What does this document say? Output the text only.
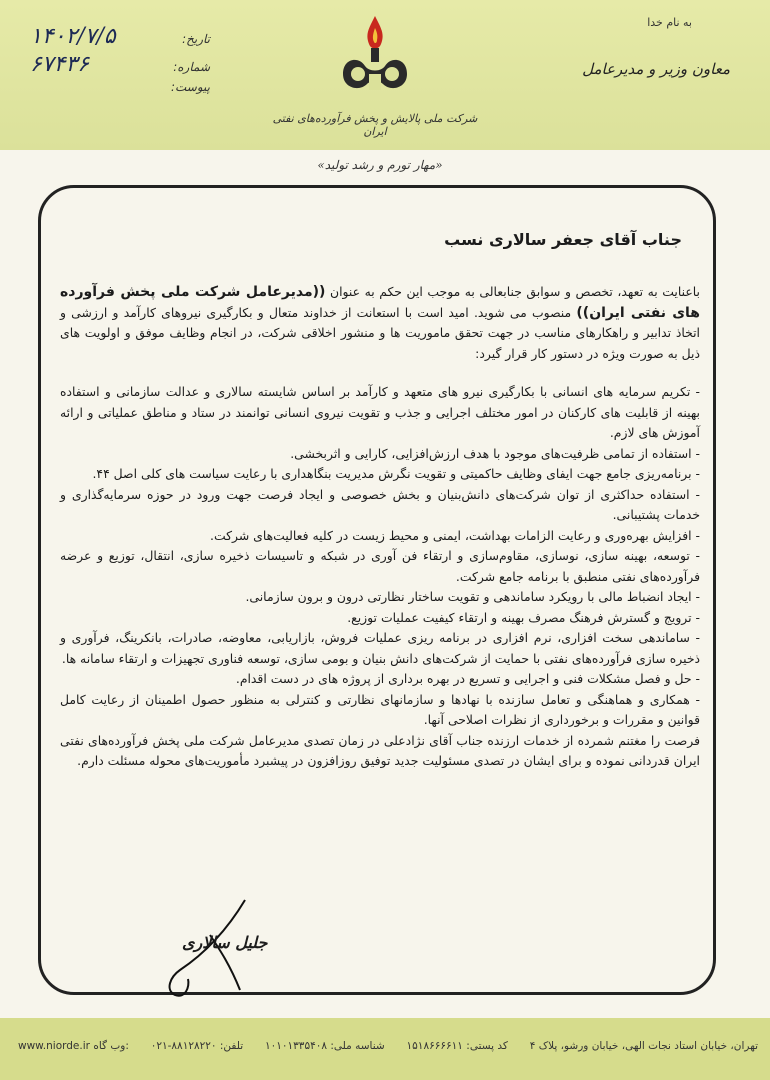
به نام خدا
معاون وزیر و مدیرعامل
تاریخ:
۱۴۰۲/۷/۵
شماره:
۶۷۴۳۶
پیوست:
شرکت ملی پالایش و پخش فرآورده‌های نفتی ایران
«مهار تورم و رشد تولید»
جناب آقای جعفر سالاری نسب

باعنایت به تعهد، تخصص و سوابق جنابعالی به موجب این حکم به عنوان ((مدیرعامل شرکت ملی پخش فرآورده های نفتی ایران)) منصوب می شوید. امید است با استعانت از خداوند متعال و بکارگیری نیروهای کارآمد و ارزشی و اتخاذ تدابیر و راهکارهای مناسب در جهت تحقق ماموریت ها و منشور اخلاقی شرکت، در انجام وظایف موفق و اولویت های ذیل به صورت ویژه در دستور کار قرار گیرد:

- تکریم سرمایه های انسانی با بکارگیری نیرو های متعهد و کارآمد بر اساس شایسته سالاری و عدالت سازمانی و استفاده بهینه از قابلیت های کارکنان در امور مختلف اجرایی و جذب و تقویت نیروی انسانی توانمند در ستاد و مناطق عملیاتی و ارائه آموزش های لازم.
- استفاده از تمامی ظرفیت‌های موجود با هدف ارزش‌افزایی، کارایی و اثربخشی.
- برنامه‌ریزی جامع جهت ایفای وظایف حاکمیتی و تقویت نگرش مدیریت بنگاهداری با رعایت سیاست های کلی اصل ۴۴.
- استفاده حداکثری از توان شرکت‌های دانش‌بنیان و بخش خصوصی و ایجاد فرصت جهت ورود در حوزه سرمایه‌گذاری و خدمات پشتیبانی.
- افزایش بهره‌وری و رعایت الزامات بهداشت، ایمنی و محیط زیست در کلیه فعالیت‌های شرکت.
- توسعه، بهینه سازی، نوسازی، مقاوم‌سازی و ارتقاء فن آوری در شبکه و تاسیسات ذخیره سازی، انتقال، توزیع و عرضه فرآورده‌های نفتی منطبق با برنامه جامع شرکت.
- ایجاد انضباط مالی با رویکرد ساماندهی و تقویت ساختار نظارتی درون و برون سازمانی.
- ترویج و گسترش فرهنگ مصرف بهینه و ارتقاء کیفیت عملیات توزیع.
- ساماندهی سخت افزاری، نرم افزاری در برنامه ریزی عملیات فروش، بازاریابی، معاوضه، صادرات، بانکرینگ، فرآوری و ذخیره سازی فرآورده‌های نفتی با حمایت از شرکت‌های دانش بنیان و بومی سازی، توسعه فناوری تجهیزات و ارتقاء سامانه ها.
- حل و فصل مشکلات فنی و اجرایی و تسریع در بهره برداری از پروژه های در دست اقدام.
- همکاری و هماهنگی و تعامل سازنده با نهادها و سازمانهای نظارتی و کنترلی به منظور حصول اطمینان از رعایت کامل قوانین و مقررات و برخورداری از نظرات اصلاحی آنها.

فرصت را مغتنم شمرده از خدمات ارزنده جناب آقای نژادعلی در زمان تصدی مدیرعامل شرکت ملی پخش فرآورده‌های نفتی ایران قدردانی نموده و برای ایشان در تصدی مسئولیت جدید توفیق روزافزون در پیشبرد مأموریت‌های محوله مسئلت دارم.

جلیل سالاری
www.niorde.ir وب گاه: تلفن: ۸۸۱۲۸۲۲۰-۰۲۱ شناسه ملی: ۱۰۱۰۱۳۳۵۴۰۸ کد پستی: ۱۵۱۸۶۶۶۶۱۱ تهران، خیابان استاد نجات الهی، خیابان ورشو، پلاک ۴
